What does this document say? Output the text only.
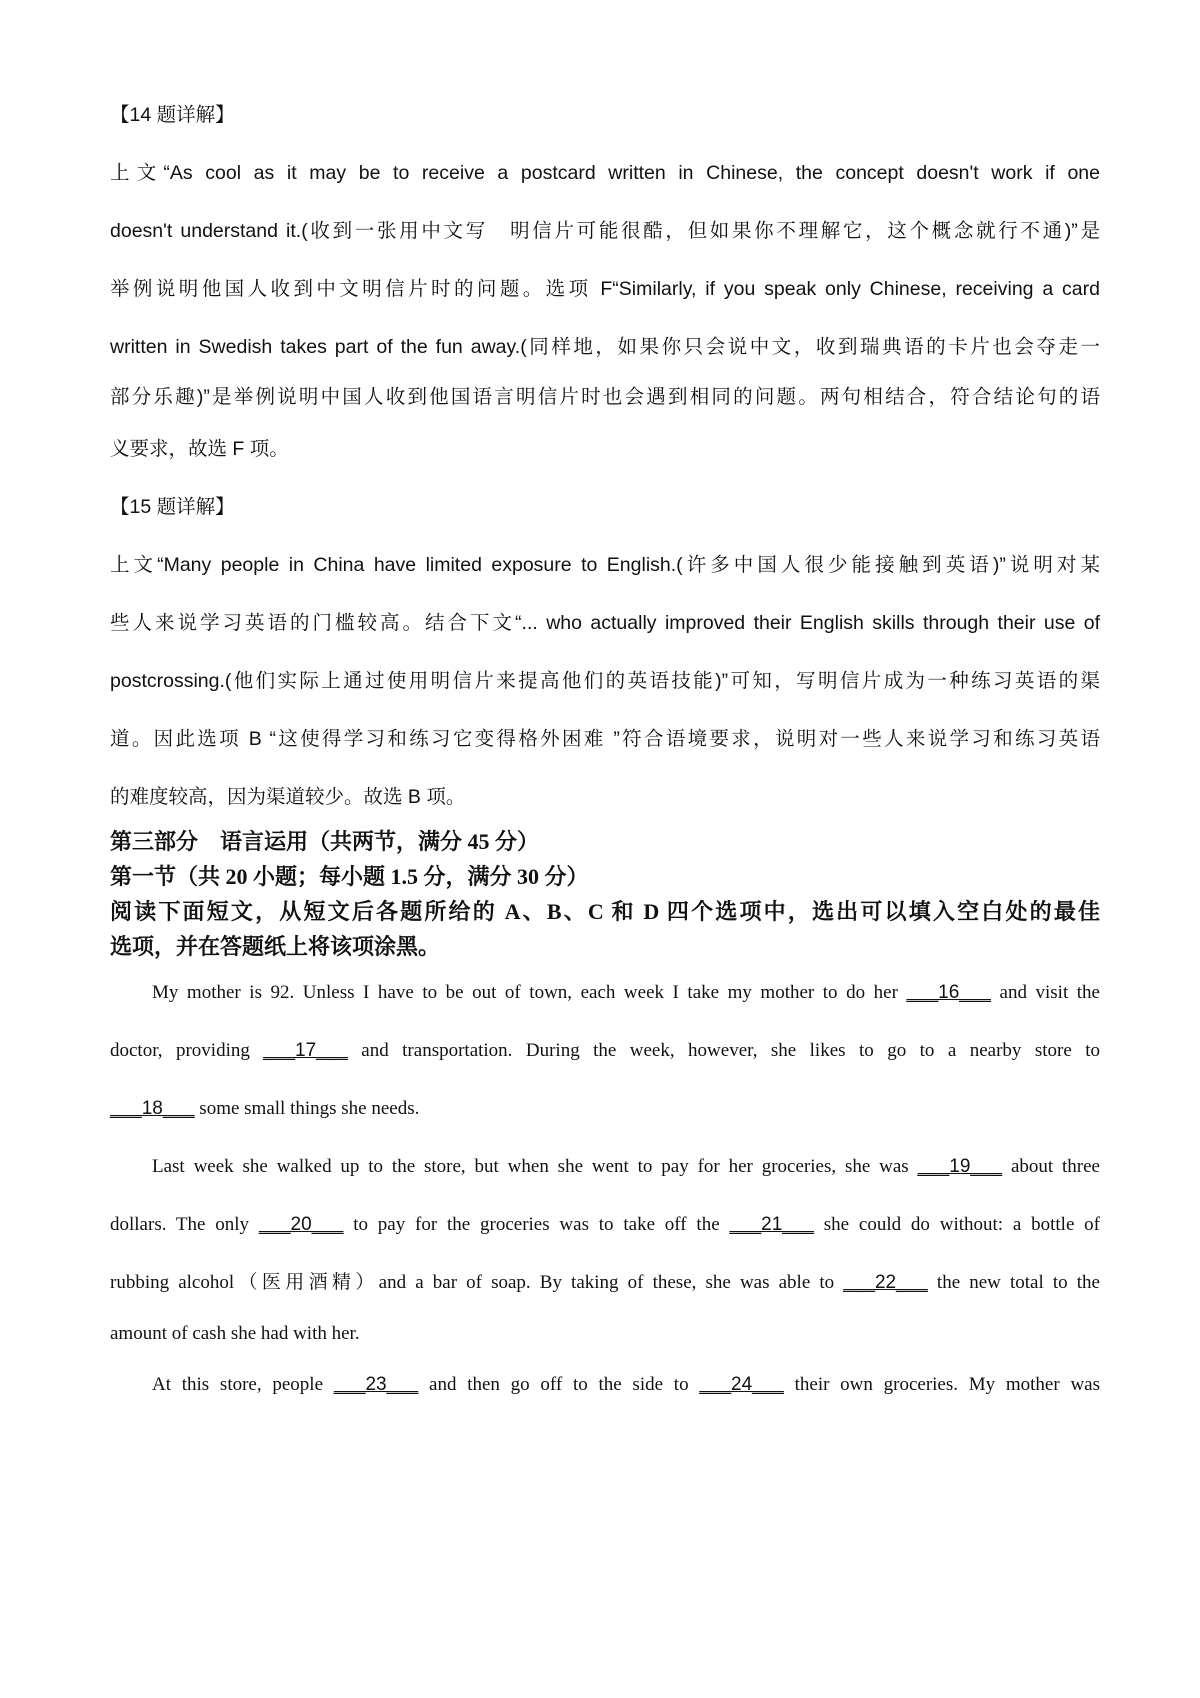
【14 题详解】
上文“As cool as it may be to receive a postcard written in Chinese, the concept doesn't work if one
doesn't understand it.(收到一张用中文写　明信片可能很酷，但如果你不理解它，这个概念就行不通)”是
举例说明他国人收到中文明信片时的问题。选项 F“Similarly, if you speak only Chinese, receiving a card
written in Swedish takes part of the fun away.(同样地，如果你只会说中文，收到瑞典语的卡片也会夺走一
部分乐趣)”是举例说明中国人收到他国语言明信片时也会遇到相同的问题。两句相结合，符合结论句的语
义要求，故选 F 项。
【15 题详解】
上文“Many people in China have limited exposure to English.(许多中国人很少能接触到英语)”说明对某
些人来说学习英语的门槛较高。结合下文“... who actually improved their English skills through their use of
postcrossing.(他们实际上通过使用明信片来提高他们的英语技能)”可知，写明信片成为一种练习英语的渠
道。因此选项 B “这使得学习和练习它变得格外困难 ”符合语境要求，说明对一些人来说学习和练习英语
的难度较高，因为渠道较少。故选 B 项。
第三部分　语言运用（共两节，满分 45 分）
第一节（共 20 小题；每小题 1.5 分，满分 30 分）
阅读下面短文，从短文后各题所给的 A、B、C 和 D 四个选项中，选出可以填入空白处的最佳
选项，并在答题纸上将该项涂黑。
My mother is 92. Unless I have to be out of town, each week I take my mother to do her ___16___ and visit the
doctor, providing ___17___ and transportation. During the week, however, she likes to go to a nearby store to
___18___ some small things she needs.
Last week she walked up to the store, but when she went to pay for her groceries, she was ___19___ about three
dollars. The only ___20___ to pay for the groceries was to take off the ___21___ she could do without: a bottle of
rubbing alcohol（医用酒精）and a bar of soap. By taking of these, she was able to ___22___ the new total to the
amount of cash she had with her.
At this store, people ___23___ and then go off to the side to ___24___ their own groceries. My mother was
